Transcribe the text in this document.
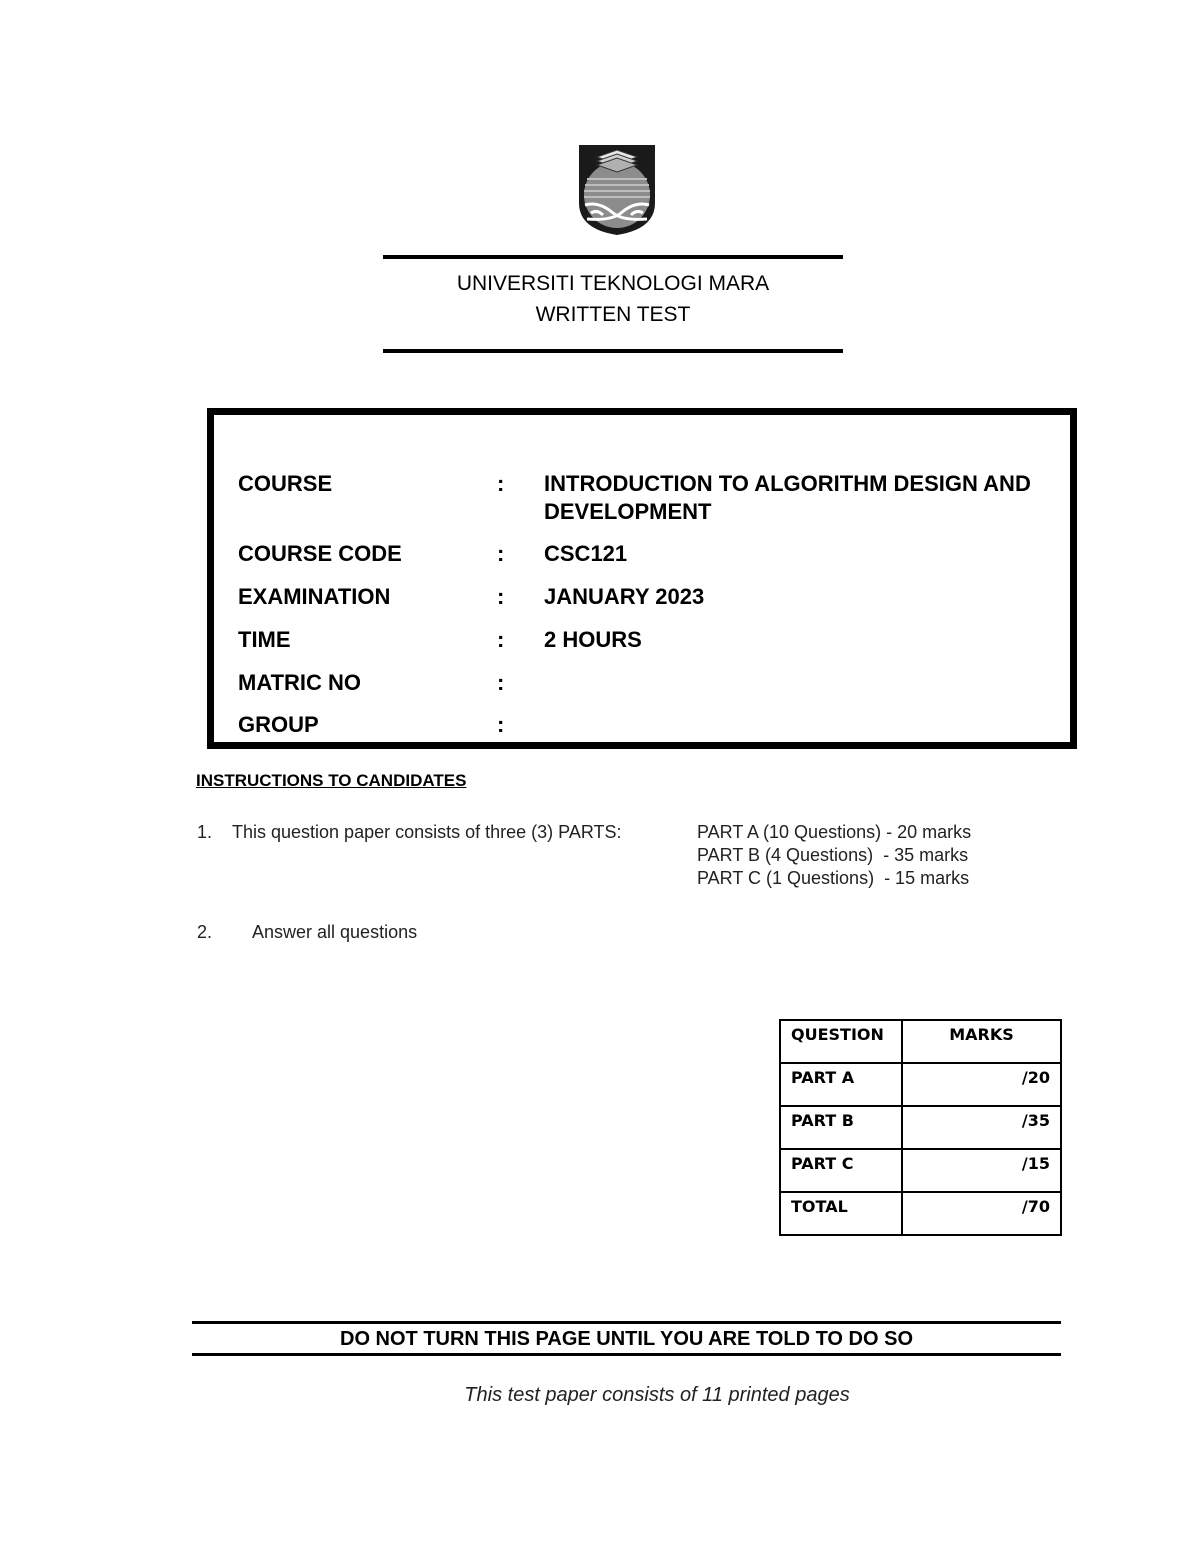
UNIVERSITI TEKNOLOGI MARA
WRITTEN TEST
COURSE	: INTRODUCTION TO ALGORITHM DESIGN AND DEVELOPMENT
COURSE CODE	: CSC121
EXAMINATION	: JANUARY 2023
TIME	: 2 HOURS
MATRIC NO	:
GROUP	:
INSTRUCTIONS TO CANDIDATES
1. This question paper consists of three (3) PARTS:	PART A (10 Questions) - 20 marks
PART B (4 Questions)  - 35 marks
PART C (1 Questions)  - 15 marks
2. Answer all questions
QUESTION	MARKS
PART A	/20
PART B	/35
PART C	/15
TOTAL	/70
DO NOT TURN THIS PAGE UNTIL YOU ARE TOLD TO DO SO
This test paper consists of 11 printed pages
